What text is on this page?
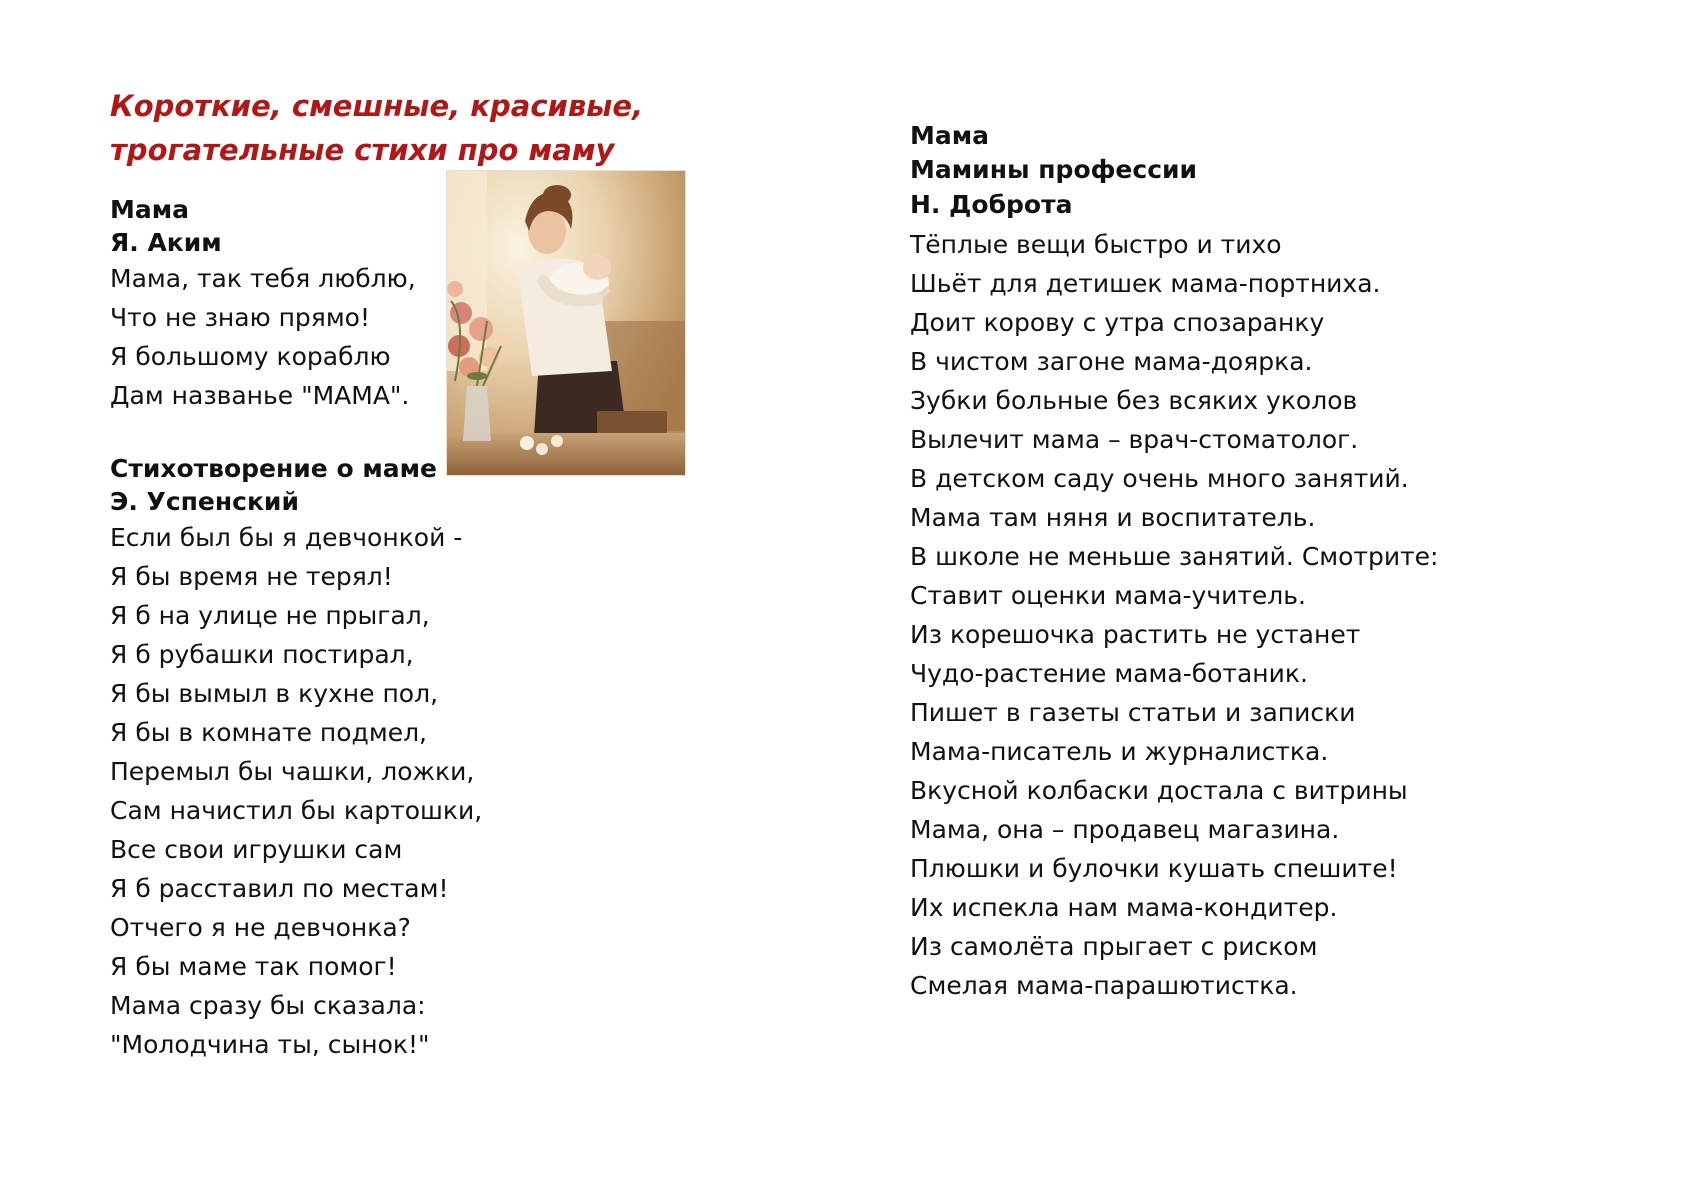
Короткие, смешные, красивые,
трогательные стихи про маму
Мама
Я. Аким
Мама, так тебя люблю,
Что не знаю прямо!
Я большому кораблю
Дам названье "МАМА".
Стихотворение о маме
Э. Успенский
Если был бы я девчонкой -
Я бы время не терял!
Я б на улице не прыгал,
Я б рубашки постирал,
Я бы вымыл в кухне пол,
Я бы в комнате подмел,
Перемыл бы чашки, ложки,
Сам начистил бы картошки,
Все свои игрушки сам
Я б расставил по местам!
Отчего я не девчонка?
Я бы маме так помог!
Мама сразу бы сказала:
"Молодчина ты, сынок!"
Мама
Мамины профессии
Н. Доброта
Тёплые вещи быстро и тихо
Шьёт для детишек мама-портниха.
Доит корову с утра спозаранку
В чистом загоне мама-доярка.
Зубки больные без всяких уколов
Вылечит мама – врач-стоматолог.
В детском саду очень много занятий.
Мама там няня и воспитатель.
В школе не меньше занятий. Смотрите:
Ставит оценки мама-учитель.
Из корешочка растить не устанет
Чудо-растение мама-ботаник.
Пишет в газеты статьи и записки
Мама-писатель и журналистка.
Вкусной колбаски достала с витрины
Мама, она – продавец магазина.
Плюшки и булочки кушать спешите!
Их испекла нам мама-кондитер.
Из самолёта прыгает с риском
Смелая мама-парашютистка.
